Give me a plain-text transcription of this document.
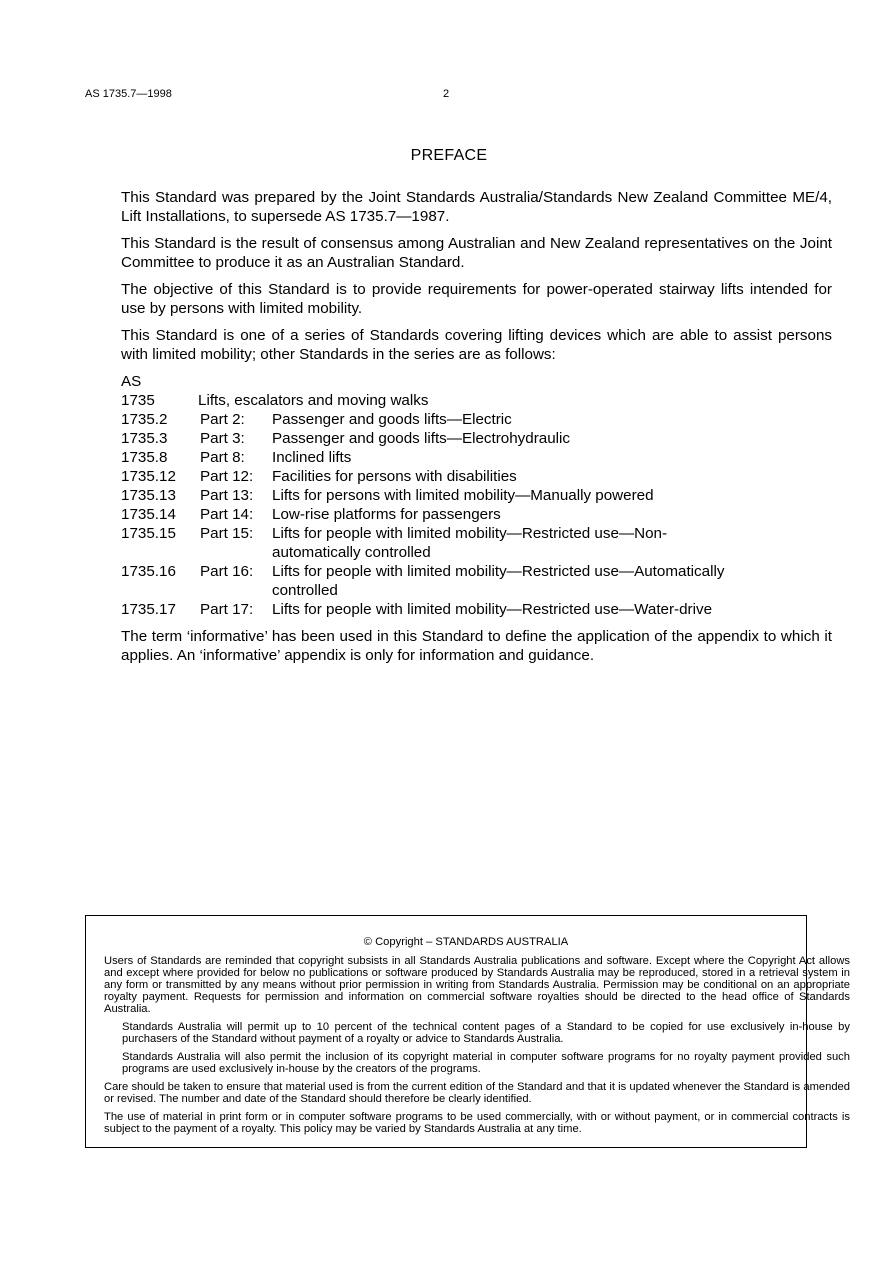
AS 1735.7—1998	2
PREFACE

This Standard was prepared by the Joint Standards Australia/Standards New Zealand Committee ME/4, Lift Installations, to supersede AS 1735.7—1987.

This Standard is the result of consensus among Australian and New Zealand representatives on the Joint Committee to produce it as an Australian Standard.

The objective of this Standard is to provide requirements for power-operated stairway lifts intended for use by persons with limited mobility.

This Standard is one of a series of Standards covering lifting devices which are able to assist persons with limited mobility; other Standards in the series are as follows:

AS
1735	Lifts, escalators and moving walks
1735.2	Part 2:	Passenger and goods lifts—Electric
1735.3	Part 3:	Passenger and goods lifts—Electrohydraulic
1735.8	Part 8:	Inclined lifts
1735.12	Part 12:	Facilities for persons with disabilities
1735.13	Part 13:	Lifts for persons with limited mobility—Manually powered
1735.14	Part 14:	Low-rise platforms for passengers
1735.15	Part 15:	Lifts for people with limited mobility—Restricted use—Non-
automatically controlled
1735.16	Part 16:	Lifts for people with limited mobility—Restricted use—Automatically
controlled
1735.17	Part 17:	Lifts for people with limited mobility—Restricted use—Water-drive

The term ‘informative’ has been used in this Standard to define the application of the appendix to which it applies. An ‘informative’ appendix is only for information and guidance.

© Copyright – STANDARDS AUSTRALIA

Users of Standards are reminded that copyright subsists in all Standards Australia publications and software. Except where the Copyright Act allows and except where provided for below no publications or software produced by Standards Australia may be reproduced, stored in a retrieval system in any form or transmitted by any means without prior permission in writing from Standards Australia. Permission may be conditional on an appropriate royalty payment. Requests for permission and information on commercial software royalties should be directed to the head office of Standards Australia.

Standards Australia will permit up to 10 percent of the technical content pages of a Standard to be copied for use exclusively in-house by purchasers of the Standard without payment of a royalty or advice to Standards Australia.

Standards Australia will also permit the inclusion of its copyright material in computer software programs for no royalty payment provided such programs are used exclusively in-house by the creators of the programs.

Care should be taken to ensure that material used is from the current edition of the Standard and that it is updated whenever the Standard is amended or revised. The number and date of the Standard should therefore be clearly identified.

The use of material in print form or in computer software programs to be used commercially, with or without payment, or in commercial contracts is subject to the payment of a royalty. This policy may be varied by Standards Australia at any time.
